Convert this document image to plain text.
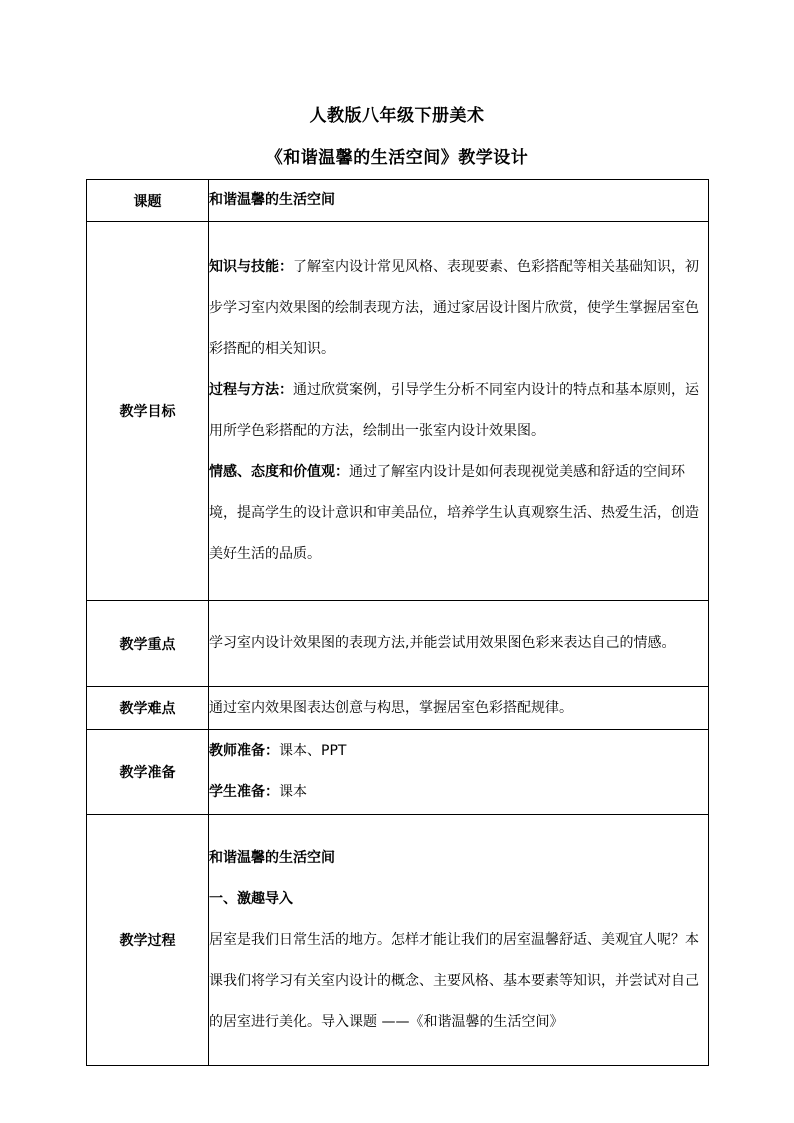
人教版八年级下册美术
《和谐温馨的生活空间》教学设计
课题	和谐温馨的生活空间
教学目标	知识与技能：了解室内设计常见风格、表现要素、色彩搭配等相关基础知识，初步学习室内效果图的绘制表现方法，通过家居设计图片欣赏，使学生掌握居室色彩搭配的相关知识。

过程与方法：通过欣赏案例，引导学生分析不同室内设计的特点和基本原则，运用所学色彩搭配的方法，绘制出一张室内设计效果图。

情感、态度和价值观：通过了解室内设计是如何表现视觉美感和舒适的空间环境，提高学生的设计意识和审美品位，培养学生认真观察生活、热爱生活，创造美好生活的品质。

教学重点	学习室内设计效果图的表现方法,并能尝试用效果图色彩来表达自己的情感。
教学难点	通过室内效果图表达创意与构思，掌握居室色彩搭配规律。
教学准备	教师准备：课本、PPT

学生准备：课本

教学过程	和谐温馨的生活空间

一、激趣导入

居室是我们日常生活的地方。怎样才能让我们的居室温馨舒适、美观宜人呢？本课我们将学习有关室内设计的概念、主要风格、基本要素等知识，并尝试对自己的居室进行美化。导入课题 ——《和谐温馨的生活空间》
